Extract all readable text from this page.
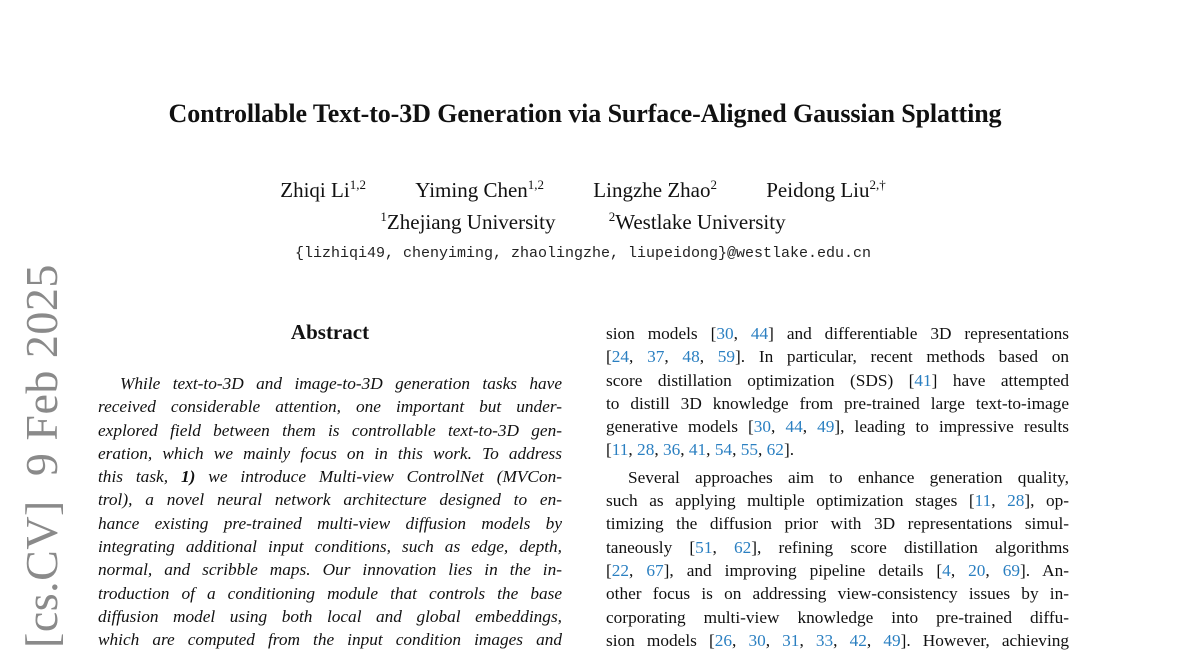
Controllable Text-to-3D Generation via Surface-Aligned Gaussian Splatting
Zhiqi Li$^{1,2}$ Yiming Chen$^{1,2}$ Lingzhe Zhao$^2$ Peidong Liu$^{2,\dagger}$
$^1$Zhejiang University	$^2$Westlake University
{lizhiqi49, chenyiming, zhaolingzhe, liupeidong}@westlake.edu.cn
[cs.CV]  9 Feb 2025	Abstract
While text-to-3D and image-to-3D generation tasks have
received considerable attention, one important but under-
explored field between them is controllable text-to-3D gen-
eration, which we mainly focus on in this work. To address
this task, 1) we introduce Multi-view ControlNet (MVCon-
trol), a novel neural network architecture designed to en-
hance existing pre-trained multi-view diffusion models by
integrating additional input conditions, such as edge, depth,
normal, and scribble maps. Our innovation lies in the in-
troduction of a conditioning module that controls the base
diffusion model using both local and global embeddings,
which are computed from the input condition images and
sion models [30, 44] and differentiable 3D representations
[24, 37, 48, 59]. In particular, recent methods based on
score distillation optimization (SDS) [41] have attempted
to distill 3D knowledge from pre-trained large text-to-image
generative models [30, 44, 49], leading to impressive results
[11, 28, 36, 41, 54, 55, 62].
Several approaches aim to enhance generation quality,
such as applying multiple optimization stages [11, 28], op-
timizing the diffusion prior with 3D representations simul-
taneously [51, 62], refining score distillation algorithms
[22, 67], and improving pipeline details [4, 20, 69]. An-
other focus is on addressing view-consistency issues by in-
corporating multi-view knowledge into pre-trained diffu-
sion models [26, 30, 31, 33, 42, 49]. However, achieving
